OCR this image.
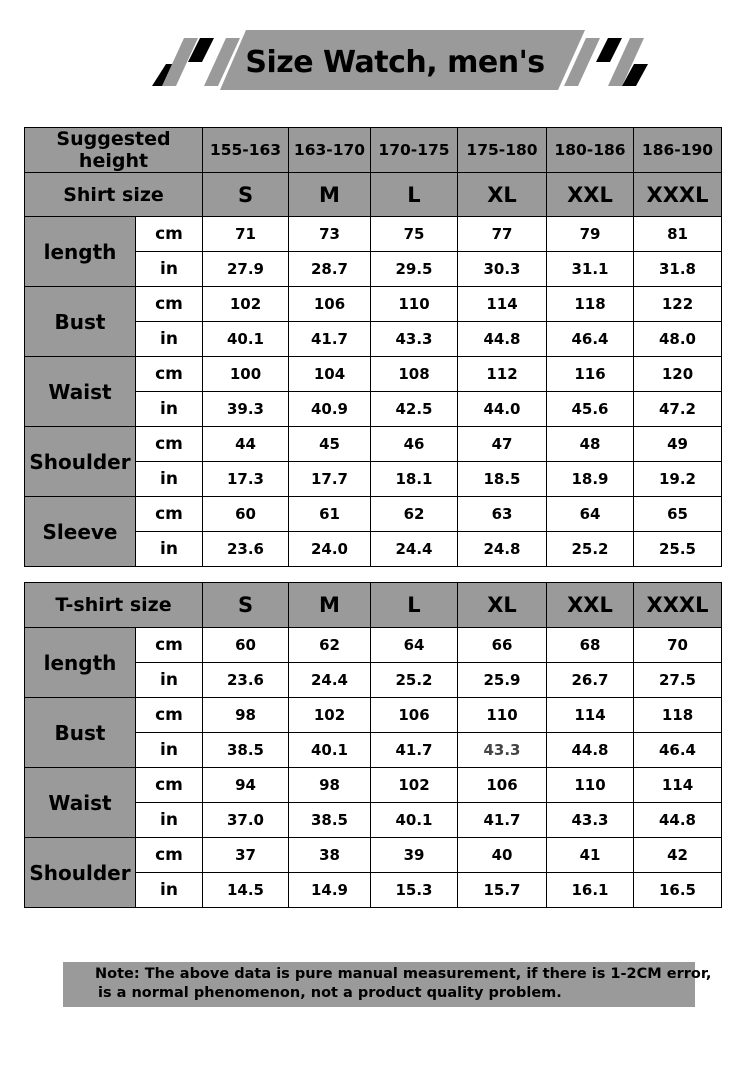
Size Watch, men's
Suggested height		155-163	163-170	170-175	175-180	180-186	186-190
Shirt size		S	M	L	XL	XXL	XXXL
length	cm	71	73	75	77	79	81
	in	27.9	28.7	29.5	30.3	31.1	31.8
Bust	cm	102	106	110	114	118	122
	in	40.1	41.7	43.3	44.8	46.4	48.0
Waist	cm	100	104	108	112	116	120
	in	39.3	40.9	42.5	44.0	45.6	47.2
Shoulder	cm	44	45	46	47	48	49
	in	17.3	17.7	18.1	18.5	18.9	19.2
Sleeve	cm	60	61	62	63	64	65
	in	23.6	24.0	24.4	24.8	25.2	25.5
T-shirt size		S	M	L	XL	XXL	XXXL
length	cm	60	62	64	66	68	70
	in	23.6	24.4	25.2	25.9	26.7	27.5
Bust	cm	98	102	106	110	114	118
	in	38.5	40.1	41.7	43.3	44.8	46.4
Waist	cm	94	98	102	106	110	114
	in	37.0	38.5	40.1	41.7	43.3	44.8
Shoulder	cm	37	38	39	40	41	42
	in	14.5	14.9	15.3	15.7	16.1	16.5
Note: The above data is pure manual measurement, if there is 1-2CM error,
is a normal phenomenon, not a product quality problem.
